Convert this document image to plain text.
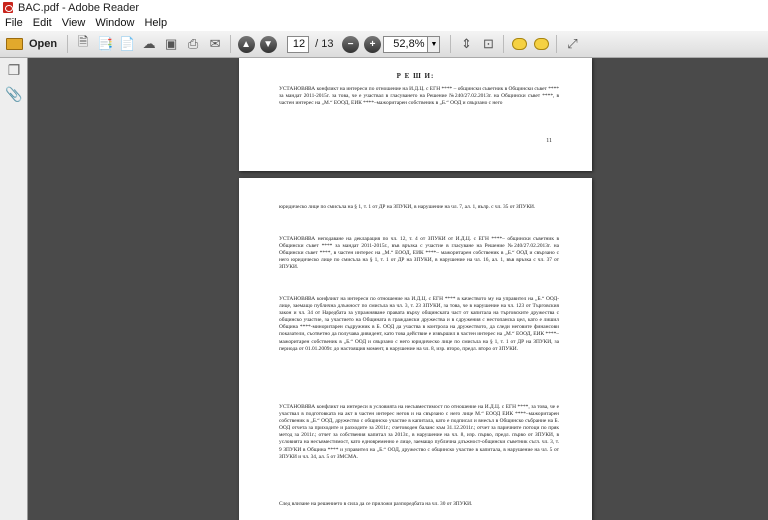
BAC.pdf - Adobe Reader
File Edit View Window Help
Open	🗎 📑 📄 ☁ ▣ ⎙ ✉	▲	▼	12 / 13	−	+	52,8% ▼	⇕ ⊡	⤢
❐
📎
Р Е Ш И:
УСТАНОВЯВА конфликт на интереси по отношение на И.Д.Ц. с ЕГН **** – общински съветник в Общински съвет **** за мандат 2011-2015г. за това, че е участвал в гласуването на Решение №240/27.02.2013г. на Общински съвет ****, в частен интерес на „М.“ ЕООД, ЕИК ****–мажоритарен собственик в „Б.“ ООД и свързано с него
11
юридическо лице по смисъла на § 1, т. 1 от ДР на ЗПУКИ, в нарушение на чл. 7, ал. 1, вълр. с чл. 35 от ЗПУКИ.
УСТАНОВЯВА неподаване на декларация по чл. 12, т. 4 от ЗПУКИ от И.Д.Ц. с ЕГН ****– общински съветник в Общински съвет **** за мандат 2011-2015г., във връзка с участие в гласуване на Решение №240/27.02.2013г. на Общински съвет ****, в частен интерес на „М.“ ЕООД, ЕИК ****– мажоритарен собственик в „Б.“ ООД и свързано с него юридическо лице по смисъла на § 1, т. 1 от ДР на ЗПУКИ, в нарушение на чл. 16, ал. 1, във връзка с чл. 37 от ЗПУКИ.
УСТАНОВЯВА конфликт на интереси по отношение на И.Д.Ц. с ЕГН **** в качеството му на управител на „Б.“ ООД-лице, заемащо публична длъжност по смисъла на чл. 3, т. 23 ЗПУКИ, за това, че в нарушение на чл. 123 от Търговския закон и чл. 34 от Наредбата за упражняване правата върху общинската част от капитала на търговските дружества с общинско участие, за участието на Общината в граждански дружества и в сдружения с нестопанска цел, като е лишил Община ****-миноритарен съдружник в Б. ООД да участва в контрола на дружеството, да следи неговите финансови показатели, съответно да получава дивидент, като това действие е извършил в частен интерес на „М.“ ЕООД, ЕИК ****– мажоритарен собственик в „Б.“ ООД и свързано с него юридическо лице по смисъла на § 1, т. 1 от ДР на ЗПУКИ, за периода от 01.01.2009г. до настоящия момент, в нарушение на чл. 8, изр. второ, предл. второ от ЗПУКИ.
УСТАНОВЯВА конфликт на интереси в условията на несъвместимост по отношение на И.Д.Ц. с ЕГН ****, за това, че е участвал в подготовката на акт в частен интерес негов и на свързано с него лице М.“ ЕООД ЕИК ****–мажоритарен собственик в „Б.“ ООД, дружество с общинско участие в капитала, като е подписал и внесъл в Общинско събрание на Б. ООД отчета за приходите и разходите за 2011г.; счетоводен баланс към 31.12.2011г.; отчет за паричните потоци по пряк метод за 2011г.; отчет за собствения капитал за 2013г., в нарушение на чл. 8, изр. първо, предл. първо от ЗПУКИ, в условията на несъвместимост, като едновременно е лице, заемащо публична длъжност-общински съветник съгл. чл. 3, т. 9 ЗПУКИ в Община **** и управител на „Б.“ ООД, дружество с общинско участие в капитала, в нарушение на чл. 5 от ЗПУКИ и чл. 34, ал. 5 от ЗМСМА.
След влизане на решението в сила да се приложи разпоредбата на чл. 30 от ЗПУКИ.
